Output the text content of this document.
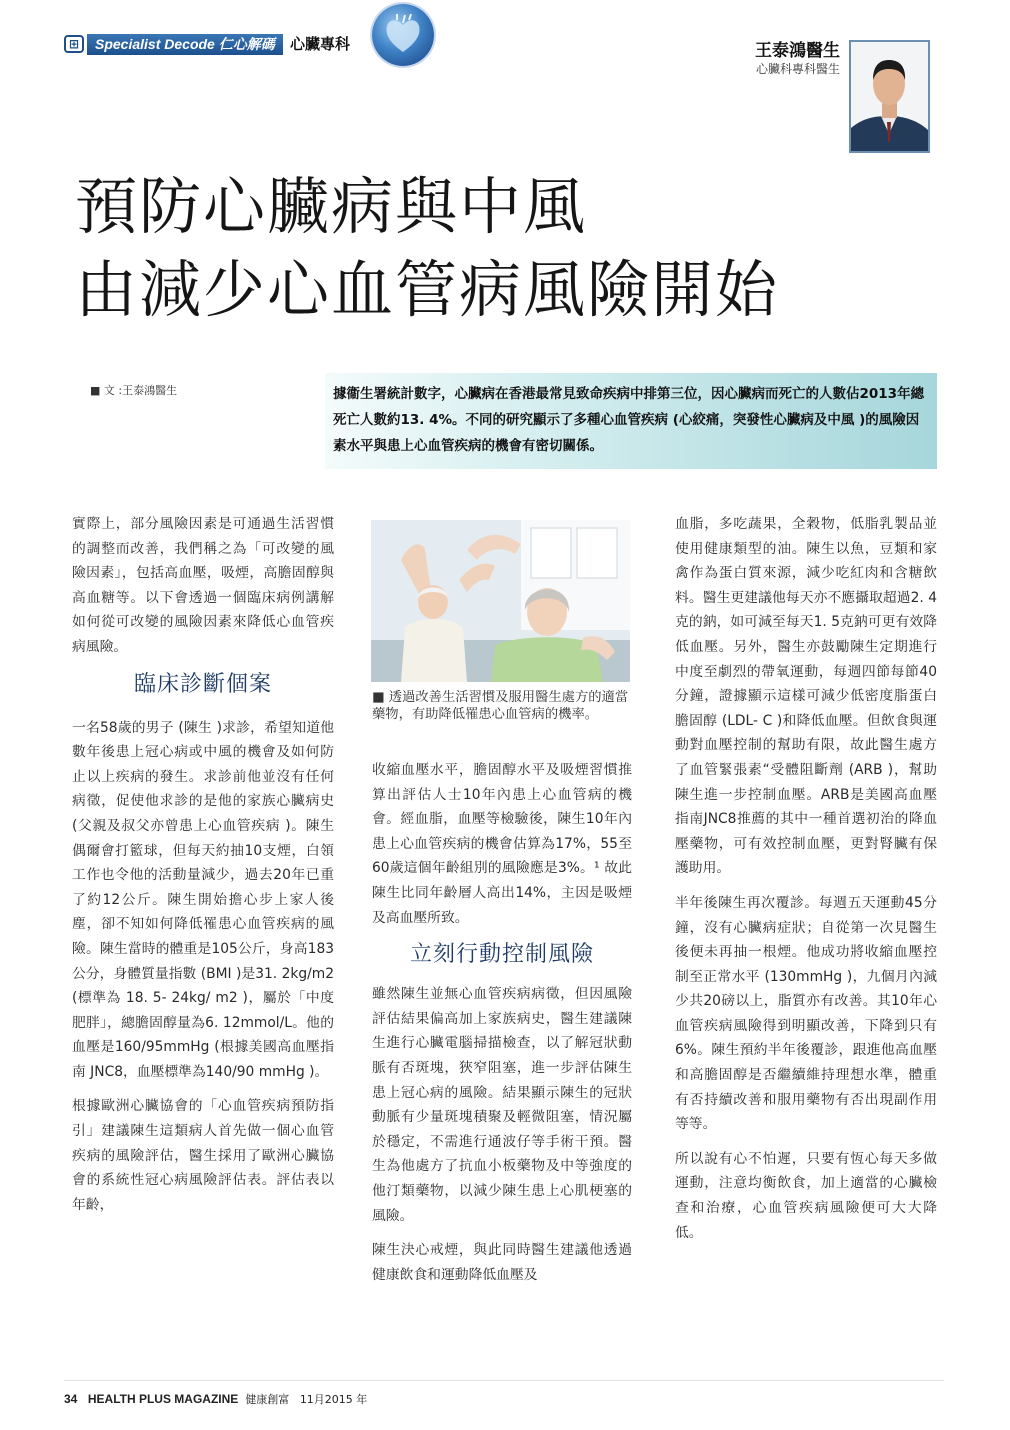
⊞	Specialist Decode 仁心解碼	心臟專科	王泰鴻醫生
心臟科專科醫生
預防心臟病與中風
由減少心血管病風險開始
■ 文 :王泰鴻醫生	據衞生署統計數字，心臟病在香港最常見致命疾病中排第三位，因心臟病而死亡的人數佔2013年總死亡人數約13. 4%。不同的研究顯示了多種心血管疾病 (心絞痛，突發性心臟病及中風 )的風險因素水平與患上心血管疾病的機會有密切關係。

實際上，部分風險因素是可通過生活習慣的調整而改善，我們稱之為「可改變的風險因素」，包括高血壓，吸煙，高膽固醇與高血糖等。以下會透過一個臨床病例講解如何從可改變的風險因素來降低心血管疾病風險。

臨床診斷個案

一名58歲的男子 (陳生 )求診，希望知道他數年後患上冠心病或中風的機會及如何防止以上疾病的發生。求診前他並沒有任何病徵，促使他求診的是他的家族心臟病史 (父親及叔父亦曾患上心血管疾病 )。陳生偶爾會打籃球，但每天約抽10支煙，白領工作也令他的活動量減少，過去20年已重了約12公斤。陳生開始擔心步上家人後塵，卻不知如何降低罹患心血管疾病的風險。陳生當時的體重是105公斤，身高183公分，身體質量指數 (BMI )是31. 2kg/m2 (標準為 18. 5- 24kg/ m2 )，屬於「中度肥胖」，總膽固醇量為6. 12mmol/L。他的血壓是160/95mmHg (根據美國高血壓指南 JNC8，血壓標準為140/90 mmHg )。

根據歐洲心臟協會的「心血管疾病預防指引」建議陳生這類病人首先做一個心血管疾病的風險評估，醫生採用了歐洲心臟協會的系統性冠心病風險評估表。評估表以年齡，

■ 透過改善生活習慣及服用醫生處方的適當藥物，有助降低罹患心血管病的機率。

收縮血壓水平，膽固醇水平及吸煙習慣推算出評估人士10年內患上心血管病的機會。經血脂，血壓等檢驗後，陳生10年內患上心血管疾病的機會估算為17%，55至60歲這個年齡組別的風險應是3%。¹ 故此陳生比同年齡層人高出14%，主因是吸煙及高血壓所致。

立刻行動控制風險

雖然陳生並無心血管疾病病徵，但因風險評估結果偏高加上家族病史，醫生建議陳生進行心臟電腦掃描檢查，以了解冠狀動脈有否斑塊，狹窄阻塞，進一步評估陳生患上冠心病的風險。結果顯示陳生的冠狀動脈有少量斑塊積聚及輕微阻塞，情況屬於穩定，不需進行通波仔等手術干預。醫生為他處方了抗血小板藥物及中等強度的他汀類藥物，以減少陳生患上心肌梗塞的風險。

陳生決心戒煙，與此同時醫生建議他透過健康飲食和運動降低血壓及

血脂，多吃蔬果，全穀物，低脂乳製品並使用健康類型的油。陳生以魚，豆類和家禽作為蛋白質來源，減少吃紅肉和含糖飲料。醫生更建議他每天亦不應攝取超過2. 4克的鈉，如可減至每天1. 5克鈉可更有效降低血壓。另外，醫生亦鼓勵陳生定期進行中度至劇烈的帶氧運動，每週四節每節40分鐘，證據顯示這樣可減少低密度脂蛋白膽固醇 (LDL- C )和降低血壓。但飲食與運動對血壓控制的幫助有限，故此醫生處方了血管緊張素“受體阻斷劑 (ARB )，幫助陳生進一步控制血壓。ARB是美國高血壓指南JNC8推薦的其中一種首選初治的降血壓藥物，可有效控制血壓，更對腎臟有保護助用。

半年後陳生再次覆診。每週五天運動45分鐘，沒有心臟病症狀；自從第一次見醫生後便未再抽一根煙。他成功將收縮血壓控制至正常水平 (130mmHg )，九個月內減少共20磅以上，脂質亦有改善。其10年心血管疾病風險得到明顯改善，下降到只有6%。陳生預約半年後覆診，跟進他高血壓和高膽固醇是否繼續維持理想水準，體重有否持續改善和服用藥物有否出現副作用等等。

所以說有心不怕遲，只要有恆心每天多做運動，注意均衡飲食，加上適當的心臟檢查和治療，心血管疾病風險便可大大降低。

34 HEALTH PLUS MAGAZINE 健康創富 11月2015 年
